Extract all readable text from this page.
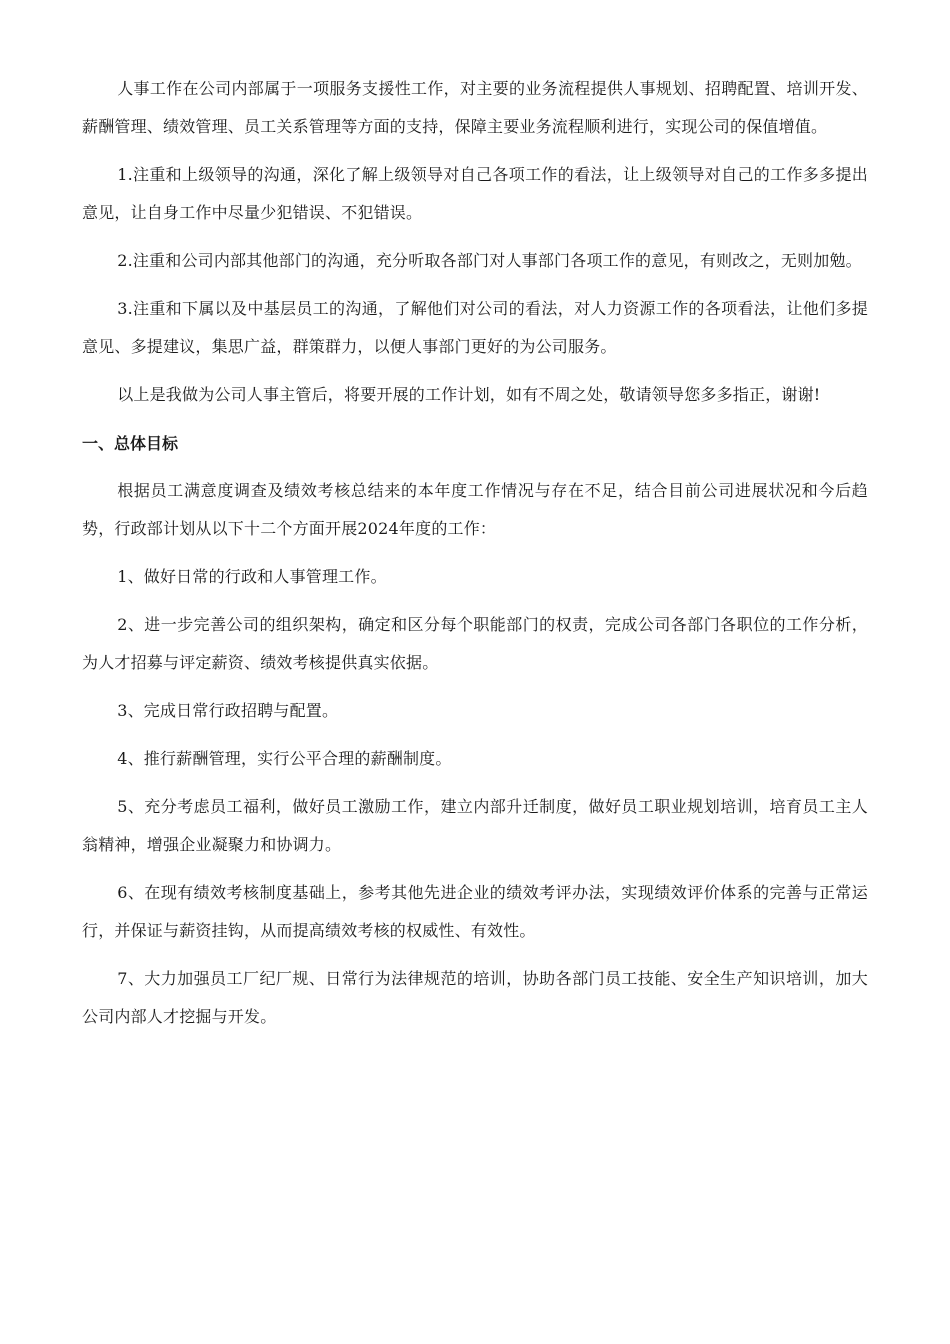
人事工作在公司内部属于一项服务支援性工作，对主要的业务流程提供人事规划、招聘配置、培训开发、薪酬管理、绩效管理、员工关系管理等方面的支持，保障主要业务流程顺利进行，实现公司的保值增值。

1.注重和上级领导的沟通，深化了解上级领导对自己各项工作的看法，让上级领导对自己的工作多多提出意见，让自身工作中尽量少犯错误、不犯错误。

2.注重和公司内部其他部门的沟通，充分听取各部门对人事部门各项工作的意见，有则改之，无则加勉。

3.注重和下属以及中基层员工的沟通，了解他们对公司的看法，对人力资源工作的各项看法，让他们多提意见、多提建议，集思广益，群策群力，以便人事部门更好的为公司服务。

以上是我做为公司人事主管后，将要开展的工作计划，如有不周之处，敬请领导您多多指正，谢谢!

一、总体目标

根据员工满意度调查及绩效考核总结来的本年度工作情况与存在不足，结合目前公司进展状况和今后趋势，行政部计划从以下十二个方面开展2024年度的工作：

1、做好日常的行政和人事管理工作。

2、进一步完善公司的组织架构，确定和区分每个职能部门的权责，完成公司各部门各职位的工作分析，为人才招募与评定薪资、绩效考核提供真实依据。

3、完成日常行政招聘与配置。

4、推行薪酬管理，实行公平合理的薪酬制度。

5、充分考虑员工福利，做好员工激励工作，建立内部升迁制度，做好员工职业规划培训，培育员工主人翁精神，增强企业凝聚力和协调力。

6、在现有绩效考核制度基础上，参考其他先进企业的绩效考评办法，实现绩效评价体系的完善与正常运行，并保证与薪资挂钩，从而提高绩效考核的权威性、有效性。

7、大力加强员工厂纪厂规、日常行为法律规范的培训，协助各部门员工技能、安全生产知识培训，加大公司内部人才挖掘与开发。
